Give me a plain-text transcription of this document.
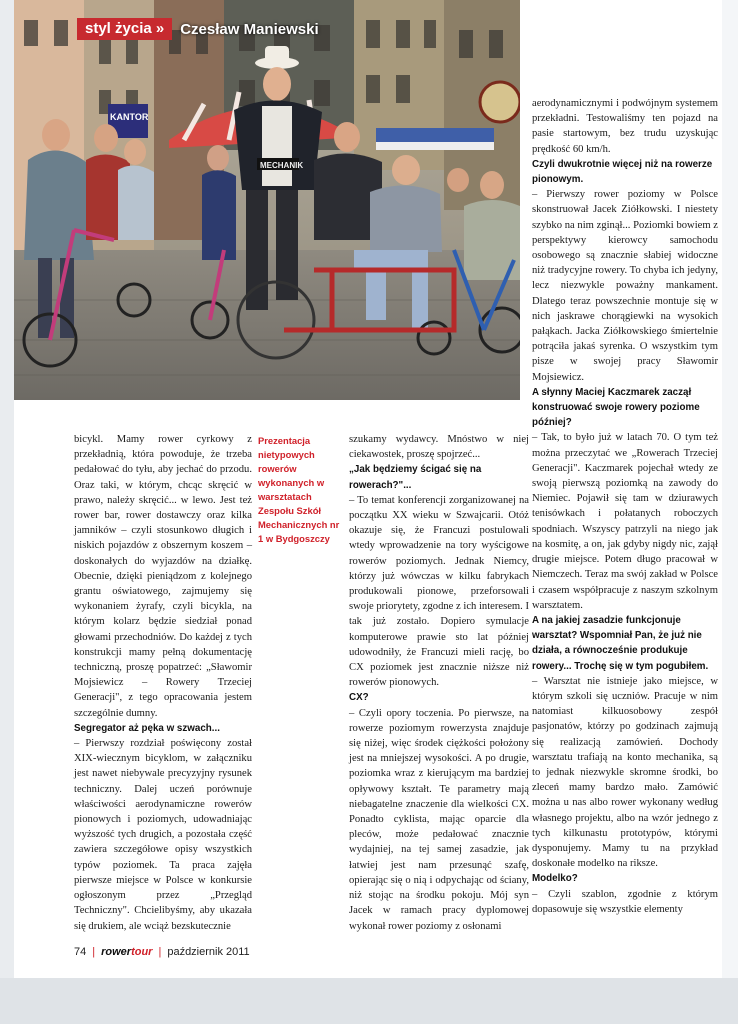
KANTOR
MECHANIK
styl życia »	Czesław Maniewski

aerodynamicznymi i podwójnym systemem przekładni. Testowaliśmy ten pojazd na pasie startowym, bez trudu uzyskując prędkość 60 km/h.

Czyli dwukrotnie więcej niż na rowerze pionowym.

– Pierwszy rower poziomy w Polsce skonstruował Jacek Ziółkowski. I niestety szybko na nim zginął... Poziomki bowiem z perspektywy kierowcy samochodu osobowego są znacznie słabiej widoczne niż tradycyjne rowery. To chyba ich jedyny, lecz niezwykle poważny mankament. Dlatego teraz powszechnie montuje się w nich jaskrawe chorągiewki na wysokich pałąkach. Jacka Ziółkowskiego śmiertelnie potrąciła jakaś syrenka. O wszystkim tym pisze w swojej pracy Sławomir Mojsiewicz.

A słynny Maciej Kaczmarek zaczął konstruować swoje rowery poziome później?

– Tak, to było już w latach 70. O tym też można przeczytać we „Rowerach Trzeciej Generacji". Kaczmarek pojechał wtedy ze swoją pierwszą poziomką na zawody do Niemiec. Pojawił się tam w dziurawych tenisówkach i połatanych roboczych spodniach. Wszyscy patrzyli na niego jak na kosmitę, a on, jak gdyby nigdy nic, zajął drugie miejsce. Potem długo pracował w Niemczech. Teraz ma swój zakład w Polsce i czasem współpracuje z naszym szkolnym warsztatem.

A na jakiej zasadzie funkcjonuje warsztat? Wspomniał Pan, że już nie działa, a równocześnie produkuje rowery... Trochę się w tym pogubiłem.

– Warsztat nie istnieje jako miejsce, w którym szkoli się uczniów. Pracuje w nim natomiast kilkuosobowy zespół pasjonatów, którzy po godzinach zajmują się realizacją zamówień. Dochody warsztatu trafiają na konto mechanika, są to jednak niezwykle skromne środki, bo zleceń mamy bardzo mało. Zamówić można u nas albo rower wykonany według własnego projektu, albo na wzór jednego z tych kilkunastu prototypów, którymi dysponujemy. Mamy tu na przykład doskonałe modelko na riksze.

Modelko?

– Czyli szablon, zgodnie z którym dopasowuje się wszystkie elementy

bicykl. Mamy rower cyrkowy z przekładnią, która powoduje, że trzeba pedałować do tyłu, aby jechać do przodu. Oraz taki, w którym, chcąc skręcić w prawo, należy skręcić... w lewo. Jest też rower bar, rower dostawczy oraz kilka jamników – czyli stosunkowo długich i niskich pojazdów z obszernym koszem – doskonałych do wyjazdów na działkę. Obecnie, dzięki pieniądzom z kolejnego grantu oświatowego, zajmujemy się wykonaniem żyrafy, czyli bicykla, na którym kolarz będzie siedział ponad głowami przechodniów. Do każdej z tych konstrukcji mamy pełną dokumentację techniczną, proszę popatrzeć: „Sławomir Mojsiewicz – Rowery Trzeciej Generacji", z tego opracowania jestem szczególnie dumny.

Segregator aż pęka w szwach...

– Pierwszy rozdział poświęcony został XIX-wiecznym bicyklom, w załączniku jest nawet niebywale precyzyjny rysunek techniczny. Dalej uczeń porównuje właściwości aerodynamiczne rowerów pionowych i poziomych, udowadniając wyższość tych drugich, a pozostała część zawiera szczegółowe opisy wszystkich typów poziomek. Ta praca zajęła pierwsze miejsce w Polsce w konkursie ogłoszonym przez „Przegląd Techniczny". Chcielibyśmy, aby ukazała się drukiem, ale wciąż bezskutecznie

Prezentacja nietypowych rowerów wykonanych w warsztatach Zespołu Szkół Mechanicznych nr 1 w Bydgoszczy

szukamy wydawcy. Mnóstwo w niej ciekawostek, proszę spojrzeć...

„Jak będziemy ścigać się na rowerach?"...

– To temat konferencji zorganizowanej na początku XX wieku w Szwajcarii. Otóż okazuje się, że Francuzi postulowali wtedy wprowadzenie na tory wyścigowe rowerów poziomych. Jednak Niemcy, którzy już wówczas w kilku fabrykach produkowali pionowe, przeforsowali swoje priorytety, zgodne z ich interesem. I tak już zostało. Dopiero symulacje komputerowe prawie sto lat później udowodniły, że Francuzi mieli rację, bo CX poziomek jest znacznie niższe niż rowerów pionowych.

CX?

– Czyli opory toczenia. Po pierwsze, na rowerze poziomym rowerzysta znajduje się niżej, więc środek ciężkości położony jest na mniejszej wysokości. A po drugie, poziomka wraz z kierującym ma bardziej opływowy kształt. Te parametry mają niebagatelne znaczenie dla wielkości CX. Ponadto cyklista, mając oparcie dla pleców, może pedałować znacznie wydajniej, na tej samej zasadzie, jak łatwiej jest nam przesunąć szafę, opierając się o nią i odpychając od ściany, niż stojąc na środku pokoju. Mój syn Jacek w ramach pracy dyplomowej wykonał rower poziomy z osłonami

74 | rowertour | październik 2011
